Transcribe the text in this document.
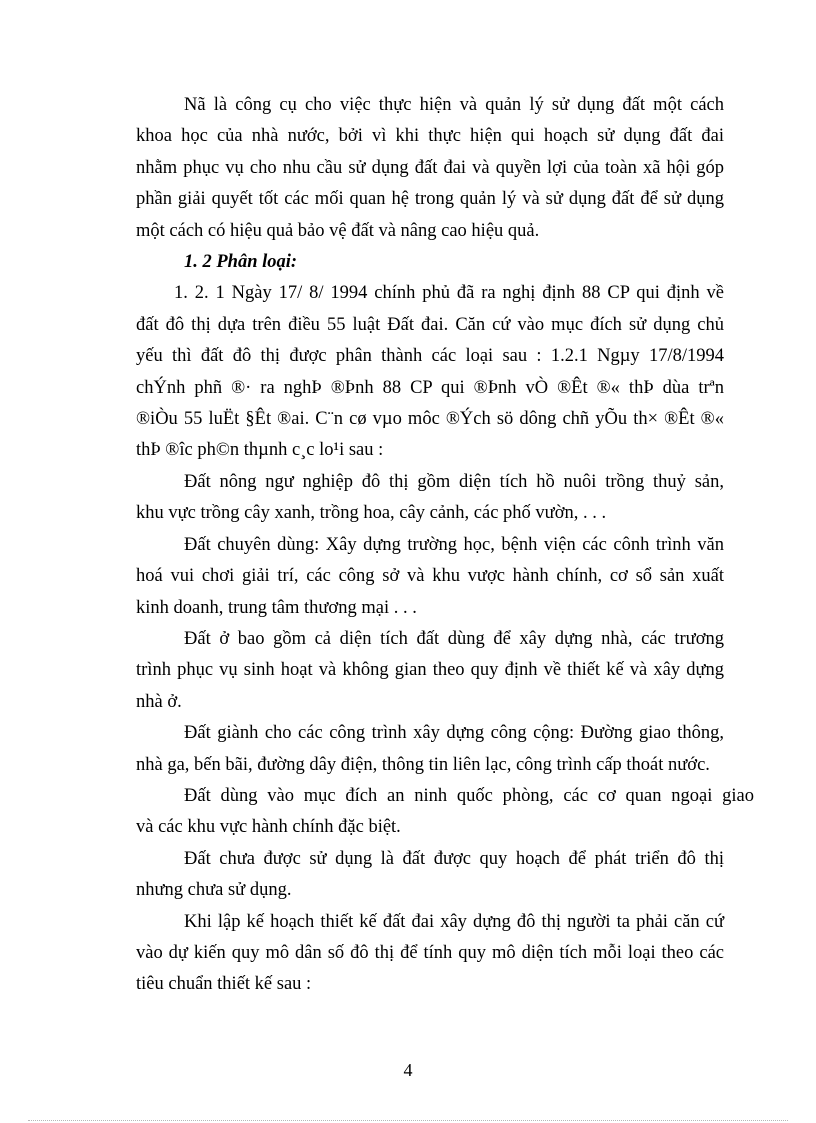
Nã là công cụ cho việc thực hiện và quản lý sử dụng đất một cách
khoa học của nhà nước, bởi vì khi thực hiện qui hoạch sử dụng đất đai
nhằm phục vụ cho nhu cầu sử dụng đất đai và quyền lợi của toàn xã hội góp
phần giải quyết tốt các mối quan hệ trong quản lý và sử dụng đất để sử dụng
một cách có hiệu quả bảo vệ đất và nâng cao hiệu quả.
1. 2 Phân loại:
1. 2. 1 Ngày 17/ 8/ 1994 chính phủ đã ra nghị định 88 CP qui định về
đất đô thị dựa trên điều 55 luật Đất đai. Căn cứ vào mục đích sử dụng chủ
yếu thì đất đô thị được phân thành các loại sau : 1.2.1 Ngµy 17/8/1994
chÝnh phñ ®· ra nghÞ ®Þnh 88 CP qui ®Þnh vÒ ®Êt ®« thÞ dùa trªn
®iÒu 55 luËt §Êt ®ai. C¨n cø vµo môc ®Ých sö dông chñ yÕu th× ®Êt ®«
thÞ ®îc ph©n thµnh c¸c lo¹i sau :
Đất nông ngư nghiệp đô thị gồm diện tích hồ nuôi trồng thuỷ sản,
khu vực trồng cây xanh, trồng hoa, cây cảnh, các phố vườn, . . .
Đất chuyên dùng: Xây dựng trường học, bệnh viện các cônh trình văn
hoá vui chơi giải trí, các công sở và khu vược hành chính, cơ sổ sản xuất
kinh doanh, trung tâm thương mại . . .
Đất ở bao gồm cả diện tích đất dùng để xây dựng nhà, các trương
trình phục vụ sinh hoạt và không gian theo quy định về thiết kế và xây dựng
nhà ở.
Đất giành cho các công trình xây dựng công cộng: Đường giao thông,
nhà ga, bến bãi, đường dây điện, thông tin liên lạc, công trình cấp thoát nước.
Đất dùng vào mục đích an ninh quốc phòng, các cơ quan ngoại giao
và các khu vực hành chính đặc biệt.
Đất chưa được sử dụng là đất được quy hoạch để phát triển đô thị
nhưng chưa sử dụng.
Khi lập kế hoạch thiết kế đất đai xây dựng đô thị người ta phải căn cứ
vào dự kiến quy mô dân số đô thị để tính quy mô diện tích mỗi loại theo các
tiêu chuẩn thiết kế sau :
4
